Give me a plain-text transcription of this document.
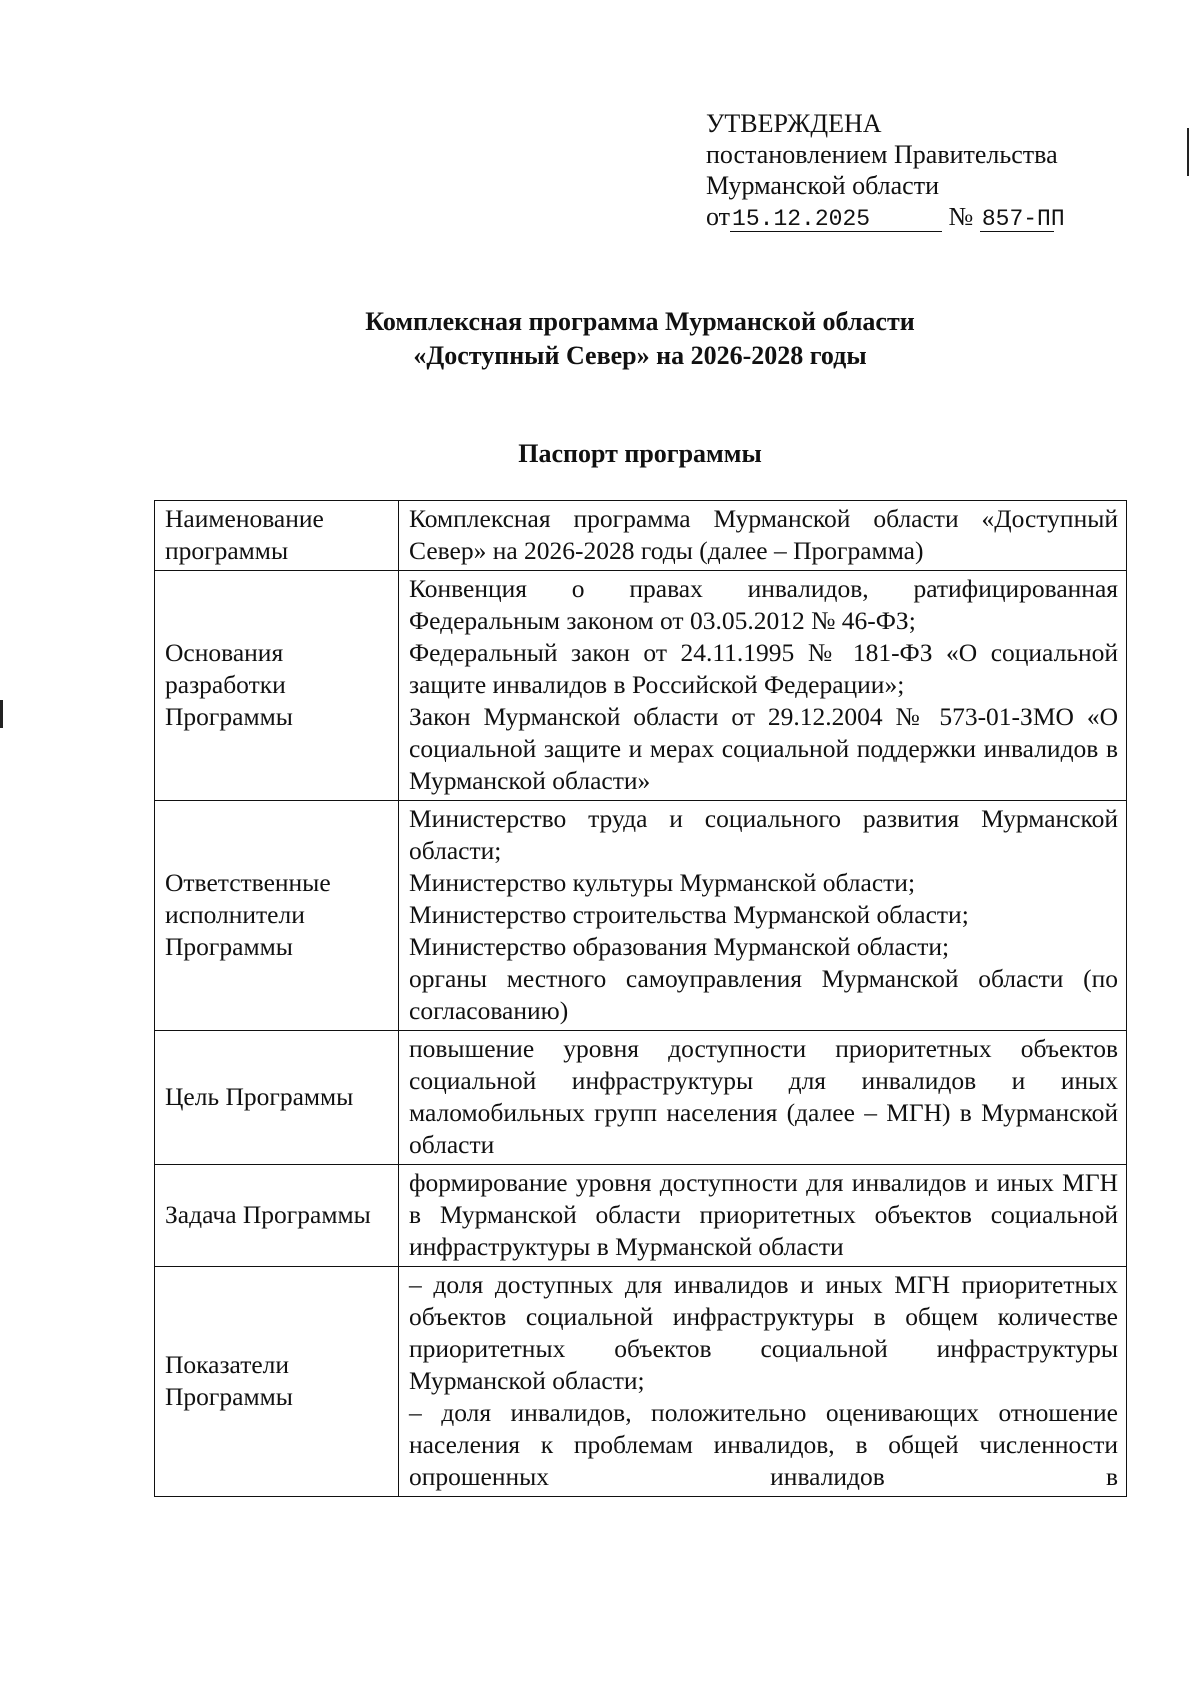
УТВЕРЖДЕНА
постановлением Правительства
Мурманской области
от15.12.2025	№ 857-ПП
Комплексная программа Мурманской области
«Доступный Север» на 2026-2028 годы
Паспорт программы
Наименование программы	Комплексная программа Мурманской области «Доступный Север» на 2026-2028 годы (далее – Программа)

Основания разработки Программы	Конвенция о правах инвалидов, ратифицированная Федеральным законом от 03.05.2012 № 46-ФЗ;
Федеральный закон от 24.11.1995 № 181-ФЗ «О социальной защите инвалидов в Российской Федерации»;
Закон Мурманской области от 29.12.2004 № 573-01-ЗМО «О социальной защите и мерах социальной поддержки инвалидов в Мурманской области»

Ответственные исполнители Программы	Министерство труда и социального развития Мурманской области;
Министерство культуры Мурманской области;
Министерство строительства Мурманской области;
Министерство образования Мурманской области;
органы местного самоуправления Мурманской области (по согласованию)

Цель Программы	повышение уровня доступности приоритетных объектов социальной инфраструктуры для инвалидов и иных маломобильных групп населения (далее – МГН) в Мурманской области

Задача Программы	формирование уровня доступности для инвалидов и иных МГН в Мурманской области приоритетных объектов социальной инфраструктуры в Мурманской области

Показатели Программы	– доля доступных для инвалидов и иных МГН приоритетных объектов социальной инфраструктуры в общем количестве приоритетных объектов социальной инфраструктуры Мурманской области;
– доля инвалидов, положительно оценивающих отношение населения к проблемам инвалидов, в общей численности опрошенных инвалидов в
